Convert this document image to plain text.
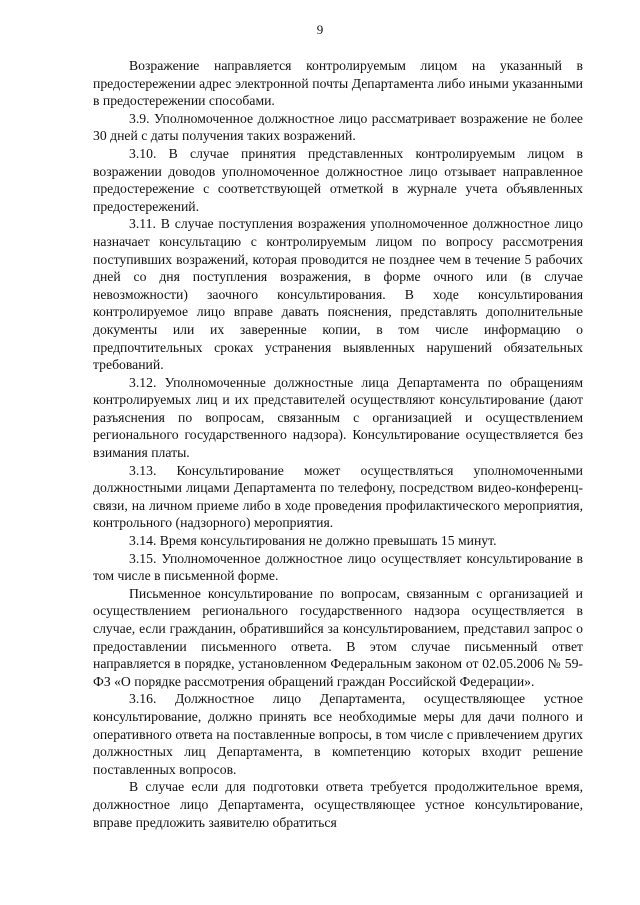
9

Возражение направляется контролируемым лицом на указанный в предостережении адрес электронной почты Департамента либо иными указанными в предостережении способами.

3.9. Уполномоченное должностное лицо рассматривает возражение не более 30 дней с даты получения таких возражений.

3.10. В случае принятия представленных контролируемым лицом в возражении доводов уполномоченное должностное лицо отзывает направленное предостережение с соответствующей отметкой в журнале учета объявленных предостережений.

3.11. В случае поступления возражения уполномоченное должностное лицо назначает консультацию с контролируемым лицом по вопросу рассмотрения поступивших возражений, которая проводится не позднее чем в течение 5 рабочих дней со дня поступления возражения, в форме очного или (в случае невозможности) заочного консультирования. В ходе консультирования контролируемое лицо вправе давать пояснения, представлять дополнительные документы или их заверенные копии, в том числе информацию о предпочтительных сроках устранения выявленных нарушений обязательных требований.

3.12. Уполномоченные должностные лица Департамента по обращениям контролируемых лиц и их представителей осуществляют консультирование (дают разъяснения по вопросам, связанным с организацией и осуществлением регионального государственного надзора). Консультирование осуществляется без взимания платы.

3.13. Консультирование может осуществляться уполномоченными должностными лицами Департамента по телефону, посредством видео-конференц-связи, на личном приеме либо в ходе проведения профилактического мероприятия, контрольного (надзорного) мероприятия.

3.14. Время консультирования не должно превышать 15 минут.

3.15. Уполномоченное должностное лицо осуществляет консультирование в том числе в письменной форме.

Письменное консультирование по вопросам, связанным с организацией и осуществлением регионального государственного надзора осуществляется в случае, если гражданин, обратившийся за консультированием, представил запрос о предоставлении письменного ответа. В этом случае письменный ответ направляется в порядке, установленном Федеральным законом от 02.05.2006 № 59-ФЗ «О порядке рассмотрения обращений граждан Российской Федерации».

3.16. Должностное лицо Департамента, осуществляющее устное консультирование, должно принять все необходимые меры для дачи полного и оперативного ответа на поставленные вопросы, в том числе с привлечением других должностных лиц Департамента, в компетенцию которых входит решение поставленных вопросов.

В случае если для подготовки ответа требуется продолжительное время, должностное лицо Департамента, осуществляющее устное консультирование, вправе предложить заявителю обратиться
